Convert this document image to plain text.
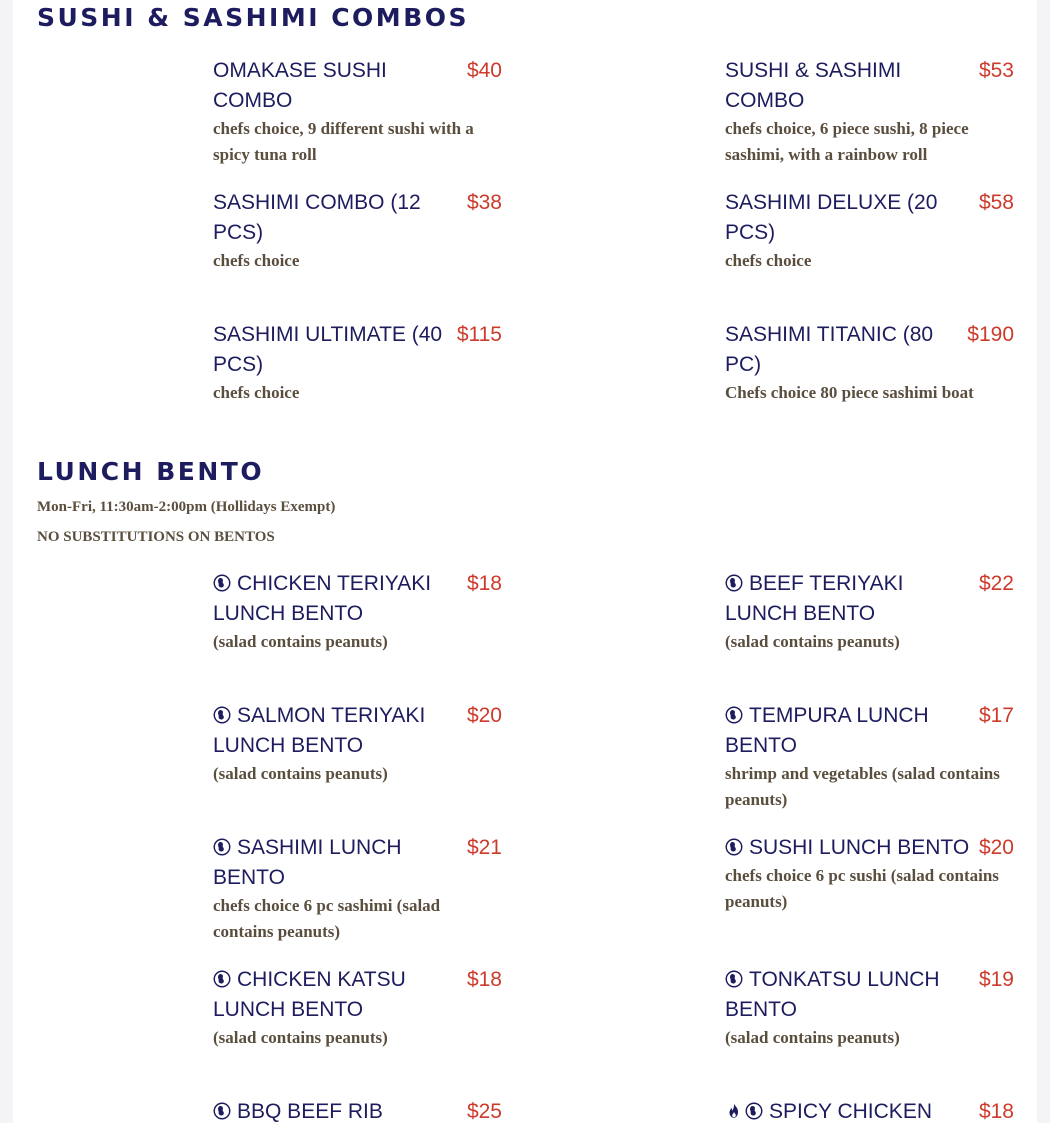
SUSHI & SASHIMI COMBOS
OMAKASE SUSHI COMBO
$40
chefs choice, 9 different sushi with a spicy tuna roll
SUSHI & SASHIMI COMBO
$53
chefs choice, 6 piece sushi, 8 piece sashimi, with a rainbow roll
SASHIMI COMBO (12 PCS)
$38
chefs choice
SASHIMI DELUXE (20 PCS)
$58
chefs choice
SASHIMI ULTIMATE (40 PCS)
$115
chefs choice
SASHIMI TITANIC (80 PC)
$190
Chefs choice 80 piece sashimi boat
LUNCH BENTO
Mon-Fri, 11:30am-2:00pm (Hollidays Exempt)
NO SUBSTITUTIONS ON BENTOS
CHICKEN TERIYAKI LUNCH BENTO
$18
(salad contains peanuts)
BEEF TERIYAKI LUNCH BENTO
$22
(salad contains peanuts)
SALMON TERIYAKI LUNCH BENTO
$20
(salad contains peanuts)
TEMPURA LUNCH BENTO
$17
shrimp and vegetables (salad contains peanuts)
SASHIMI LUNCH BENTO
$21
chefs choice 6 pc sashimi (salad contains peanuts)
SUSHI LUNCH BENTO $20
chefs choice 6 pc sushi (salad contains peanuts)
CHICKEN KATSU LUNCH BENTO
$18
(salad contains peanuts)
TONKATSU LUNCH BENTO
$19
(salad contains peanuts)
BBQ BEEF RIB	$25	SPICY CHICKEN $18
